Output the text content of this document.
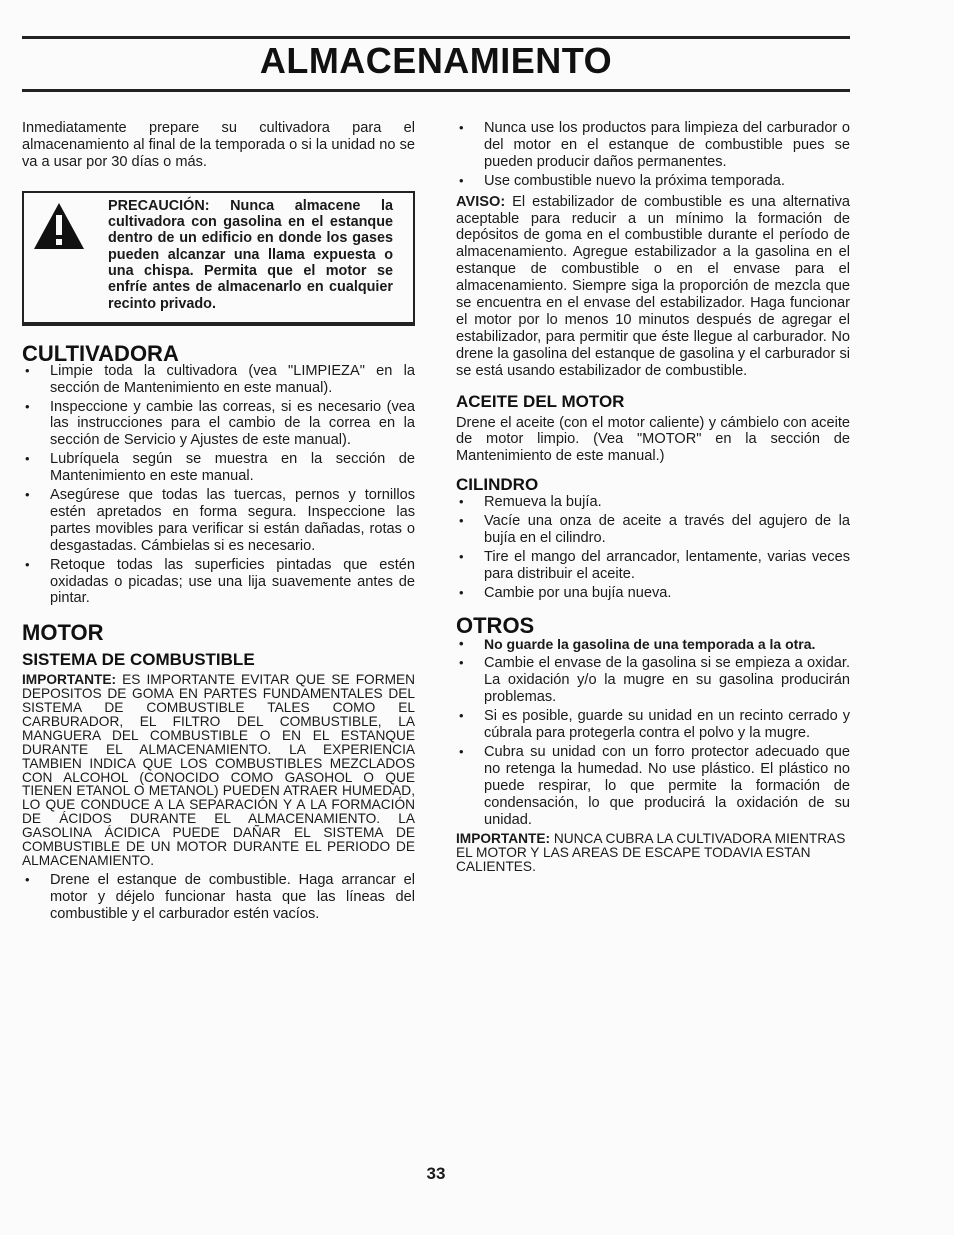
ALMACENAMIENTO

Inmediatamente prepare su cultivadora para el almacenamiento al final de la temporada o si la unidad no se va a usar por 30 días o más.

PRECAUCIÓN: Nunca almacene la cultivadora con gasolina en el estanque dentro de un edificio en donde los gases pueden alcanzar una llama expuesta o una chispa. Permita que el motor se enfríe antes de almacenarlo en cualquier recinto privado.

CULTIVADORA
• Limpie toda la cultivadora (vea "LIMPIEZA" en la sección de Mantenimiento en este manual).
• Inspeccione y cambie las correas, si es necesario (vea las instrucciones para el cambio de la correa en la sección de Servicio y Ajustes de este manual).
• Lubríquela según se muestra en la sección de Mantenimiento en este manual.
• Asegúrese que todas las tuercas, pernos y tornillos estén apretados en forma segura. Inspeccione las partes movibles para verificar si están dañadas, rotas o desgastadas. Cámbielas si es necesario.
• Retoque todas las superficies pintadas que estén oxidadas o picadas; use una lija suavemente antes de pintar.
MOTOR
SISTEMA DE COMBUSTIBLE

IMPORTANTE: ES IMPORTANTE EVITAR QUE SE FORMEN DEPOSITOS DE GOMA EN PARTES FUNDAMENTALES DEL SISTEMA DE COMBUSTIBLE TALES COMO EL CARBURADOR, EL FILTRO DEL COMBUSTIBLE, LA MANGUERA DEL COMBUSTIBLE O EN EL ESTANQUE DURANTE EL ALMACENAMIENTO. LA EXPERIENCIA TAMBIEN INDICA QUE LOS COMBUSTIBLES MEZCLADOS CON ALCOHOL (CONOCIDO COMO GASOHOL O QUE TIENEN ETANOL O METANOL) PUEDEN ATRAER HUMEDAD, LO QUE CONDUCE A LA SEPARACIÓN Y A LA FORMACIÓN DE ÁCIDOS DURANTE EL ALMACENAMIENTO. LA GASOLINA ÁCIDICA PUEDE DAÑAR EL SISTEMA DE COMBUSTIBLE DE UN MOTOR DURANTE EL PERIODO DE ALMACENAMIENTO.

• Drene el estanque de combustible. Haga arrancar el motor y déjelo funcionar hasta que las líneas del combustible y el carburador estén vacíos.
• Nunca use los productos para limpieza del carburador o del motor en el estanque de combustible pues se pueden producir daños permanentes.
• Use combustible nuevo la próxima temporada.

AVISO: El estabilizador de combustible es una alternativa aceptable para reducir a un mínimo la formación de depósitos de goma en el combustible durante el período de almacenamiento. Agregue estabilizador a la gasolina en el estanque de combustible o en el envase para el almacenamiento. Siempre siga la proporción de mezcla que se encuentra en el envase del estabilizador. Haga funcionar el motor por lo menos 10 minutos después de agregar el estabilizador, para permitir que éste llegue al carburador. No drene la gasolina del estanque de gasolina y el carburador si se está usando estabilizador de combustible.

ACEITE DEL MOTOR

Drene el aceite (con el motor caliente) y cámbielo con aceite de motor limpio. (Vea "MOTOR" en la sección de Mantenimiento de este manual.)

CILINDRO
• Remueva la bujía.
• Vacíe una onza de aceite a través del agujero de la bujía en el cilindro.
• Tire el mango del arrancador, lentamente, varias veces para distribuir el aceite.
• Cambie por una bujía nueva.
OTROS
• No guarde la gasolina de una temporada a la otra.
• Cambie el envase de la gasolina si se empieza a oxidar. La oxidación y/o la mugre en su gasolina producirán problemas.
• Si es posible, guarde su unidad en un recinto cerrado y cúbrala para protegerla contra el polvo y la mugre.
• Cubra su unidad con un forro protector adecuado que no retenga la humedad. No use plástico. El plástico no puede respirar, lo que permite la formación de condensación, lo que producirá la oxidación de su unidad.

IMPORTANTE: NUNCA CUBRA LA CULTIVADORA MIENTRAS EL MOTOR Y LAS AREAS DE ESCAPE TODAVIA ESTAN CALIENTES.

33
